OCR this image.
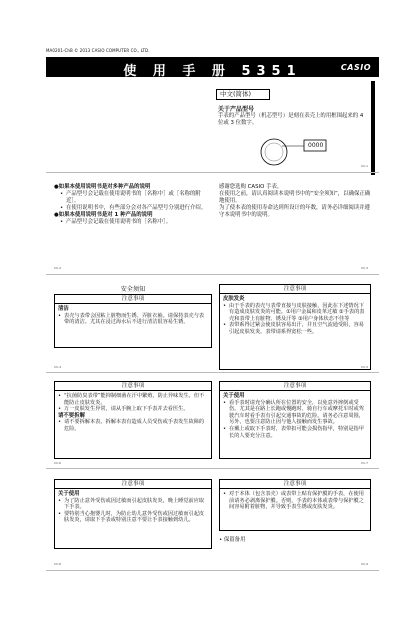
MA0201-ChB © 2013 CASIO COMPUTER CO., LTD.
使 用 手 册 5351	CASIO
中文(简体)
关于产品型号
手表的产品型号（机芯型号）是刻在表壳上的用框围起来的 4 位或 3 位数字。
0000
Ch-1
●如果本使用说明书是对多种产品的说明
• 产品型号会记载在使用说明书的［名称中］或［名称的附近］。
• 在使用说明书中，有些部分会对各产品型号分别进行介绍。
●如果本使用说明书是对 1 种产品的说明
• 产品型号会记载在使用说明书的［名称中］。
Ch-2
感谢您选购 CASIO 手表。
在使用之前，请认真阅读本说明书中的“安全须知”，以确保正确地使用。
为了使本表的使用寿命达到所设计的年数，请务必详细阅读并遵守本说明书中的说明。
Ch-3
安全须知
注意事项
清洁
• 表壳与表带会因粘上脏物而生锈、弄脏衣袖。请保持表壳与表带的清洁。尤其在浸过海水后不进行清洁很容易生锈。
Ch-4
注意事项
皮肤发炎
• 由于手表的表壳与表带直接与皮肤接触，因此在下述情况下有造成皮肤发炎的可能。①用户金属和皮革过敏 ②手表的表壳和表带上有脏物、锈及汗等 ③用户身体状态不佳等
• 表带系得过紧会使皮肤容易出汗，并且空气流通受阻，容易引起皮肤发炎。表带请系得宽松一些。
Ch-5
注意事项
• “抗菌防臭表带”能抑制细菌在汗中繁殖，防止异味发生，但不能防止皮肤发炎。
• 万一皮肤发生异常，请从手腕上取下手表并去看医生。
请不要拆解
• 请不要拆解本表。拆解本表有造成人员受伤或手表发生故障的危险。
Ch-6
注意事项
关于使用
• 看手表时请充分确认所在位置的安全，以免意外摔倒或受伤。尤其是在路上长跑或慢跑时、骑自行车或摩托车时或驾驶汽车时看手表有引起交通事故的危险。请务必注意周围，另外，也要注意防止因与他人接触而发生事故。
• 在戴上或取下手表时，表带扣可能会损伤指甲，特别是指甲长的人要充分注意。
Ch-7
注意事项
关于使用
• 为了防止意外受伤或因过敏而引起皮肤发炎，晚上睡觉前应取下手表。
• 要特别当心抱婴儿时，为防止幼儿意外受伤或因过敏而引起皮肤发炎，请取下手表或特别注意不要让手表接触到幼儿。
Ch-8
注意事项
• 对于本体（包含表壳）或表带上贴有保护膜的手表，在使用前请务必剥离保护膜。否则，手表的本体或表带与保护膜之间容易附着脏物，并导致手表生锈或皮肤发炎。
• 保留备用
Ch-9
